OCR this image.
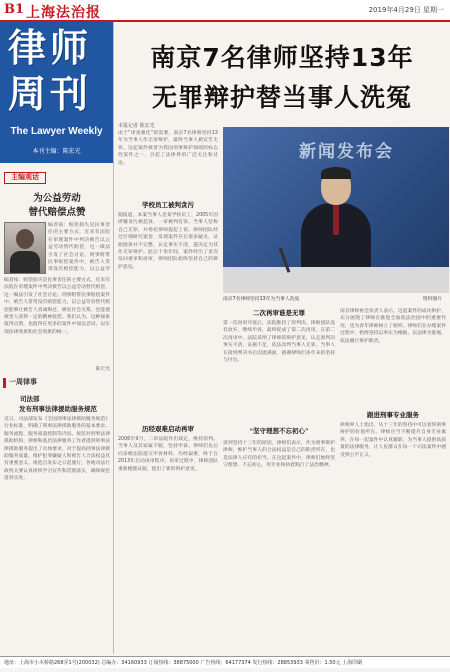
B1 上海法治报	2019年4月29日 星期一
律师
周刊
The Lawyer Weekly
本刊主编：陈宏光
主编观话
为公益劳动
替代赔偿点赞
编者按：赔偿损失是民事责任的主要方式，近来有法院在审理案件中判决被告以公益劳动替代赔偿，这一做法引发了社会讨论。刑事附带民事赔偿案件中，被告人常常没有赔偿能力，以公益劳
编者按：赔偿损失是民事责任的主要方式，近来有法院在审理案件中判决被告以公益劳动替代赔偿，这一做法引发了社会讨论。刑事附带民事赔偿案件中，被告人常常没有赔偿能力，以公益劳动替代赔偿能够让被告人真诚悔过、修复社会关系，也能使被害人获得一定的精神抚慰。我们认为，这种探索值得点赞，也值得在更多的案件中加以尝试，以实现法律效果和社会效果的统一。
陈宏光
一周律事
司法部
发布刑事法律援助服务规范
近日，司法部发布《全国刑事法律援助服务规范》行业标准，明确了刑事法律援助服务的基本要求、服务流程、服务质量控制等内容。规范对刑事法律援助机构、律师和基层法律服务工作者提供刑事法律援助服务提出了具体要求，对于提高刑事法律援助服务质量、维护犯罪嫌疑人和被告人合法权益具有重要意义。规范自发布之日起施行，各地司法行政机关要认真组织学习宣传和贯彻落实，确保规范落到实处。
南京7名律师坚持13年
无罪辩护替当事人洗冤
本报记者 陈宏光
由于“审查强化”的需要，南京7名律师坚持13年为当事人作无罪辩护，最终当事人被宣告无罪。这起案件被誉为我国刑事辩护领域的标志性案件之一，引起了法律界的广泛关注和讨论。
学校员工被判贪污
据报道，本案当事人是某学校员工，2005年因涉嫌贪污被起诉，一审被判有罪。当事人坚称自己无罪，并委托律师提起上诉。律师团队经过仔细研究案卷，发现案件存在诸多疑点，证据链条并不完整，认定事实不清，遂决定为其作无罪辩护。此后十余年间，案件经历了多次发回重审和再审，律师团队始终坚持自己的辩护意见。
历经艰难启动再审
2006年9月，二审法院作出裁定，维持原判。当事人及其家属不服，坚持申诉。律师们先后向多级法院提交申诉材料，历经艰难，终于在2013年启动再审程序。再审过程中，律师团队重新梳理证据，提出了新的辩护意见。
新闻发布会
南京7名律师坚持13年为当事人洗冤	资料图片
二次再审谁是无罪
第一次再审开庭后，法院维持了原判决。律师团队没有放弃，继续申诉，最终促成了第二次再审。在第二次再审中，法院采纳了律师的辩护意见，认定原判决事实不清、证据不足，依法改判当事人无罪。当事人在接到判决书后泪流满面，感谢律师们多年来的坚持与付出。
“坚守理想不忘初心”
谈到坚持十三年的原因，律师们表示，作为刑事辩护律师，维护当事人的合法权益是自己的职责所在，也是法律人应有的担当。在这起案件中，律师们始终坚守理想、不忘初心，用专业和执着践行了法治精神。
南京律师协会负责人表示，这起案件的成功辩护，充分展现了律师在推进全面依法治国中的重要作用，也为青年律师树立了榜样。律师们在办理案件过程中，始终坚持以事实为根据、以法律为准绳，依法履行辩护职责。
跟进刑事专业服务
律师界人士指出，从十三年的坚持中可以看到刑事辩护的价值所在。律师应当不断提升自身专业素养，在每一起案件中认真履职，为当事人提供高质量的法律服务，让人民群众在每一个司法案件中感受到公平正义。
地址：上海市小木桥路268弄1号(200032) 总编办：34160933 订阅热线：38875000 广告热线：64177374 发行热线：28853933 零售价：1.50元 上海印刷
